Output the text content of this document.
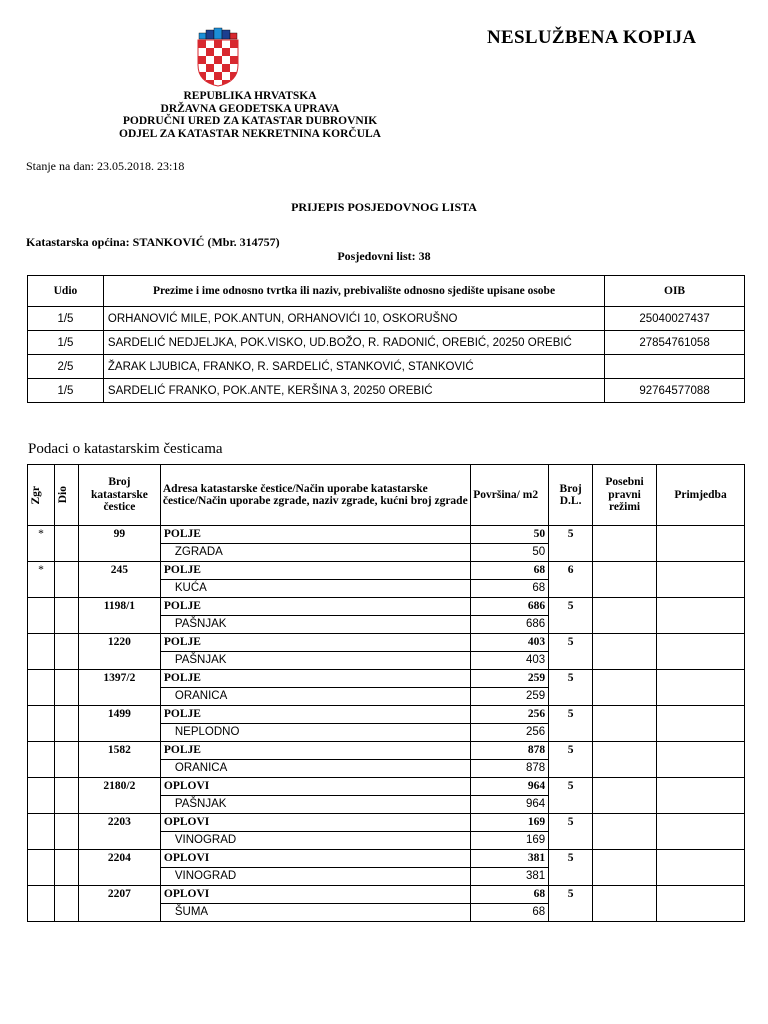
NESLUŽBENA KOPIJA
REPUBLIKA HRVATSKA
DRŽAVNA GEODETSKA UPRAVA
PODRUČNI URED ZA KATASTAR DUBROVNIK
ODJEL ZA KATASTAR NEKRETNINA KORČULA
Stanje na dan: 23.05.2018. 23:18
PRIJEPIS POSJEDOVNOG LISTA
Katastarska općina: STANKOVIĆ (Mbr. 314757)
Posjedovni list: 38
Udio	Prezime i ime odnosno tvrtka ili naziv, prebivalište odnosno sjedište upisane osobe	OIB
1/5	ORHANOVIĆ MILE, POK.ANTUN, ORHANOVIĆI 10, OSKORUŠNO	25040027437
1/5	SARDELIĆ NEDJELJKA, POK.VISKO, UD.BOŽO, R. RADONIĆ, OREBIĆ, 20250 OREBIĆ	27854761058
2/5	ŽARAK LJUBICA, FRANKO, R. SARDELIĆ, STANKOVIĆ, STANKOVIĆ	
1/5	SARDELIĆ FRANKO, POK.ANTE, KERŠINA 3, 20250 OREBIĆ	92764577088
Podaci o katastarskim česticama
Zgr	Dio	Broj katastarske čestice	Adresa katastarske čestice/Način uporabe katastarske čestice/Način uporabe zgrade, naziv zgrade, kućni broj zgrade	Površina/ m2	Broj D.L.	Posebni pravni režimi	Primjedba
*		99	POLJE	50	5		
			ZGRADA	50			
*		245	POLJE	68	6		
			KUĆA	68			
		1198/1	POLJE	686	5		
			PAŠNJAK	686			
		1220	POLJE	403	5		
			PAŠNJAK	403			
		1397/2	POLJE	259	5		
			ORANICA	259			
		1499	POLJE	256	5		
			NEPLODNO	256			
		1582	POLJE	878	5		
			ORANICA	878			
		2180/2	OPLOVI	964	5		
			PAŠNJAK	964			
		2203	OPLOVI	169	5		
			VINOGRAD	169			
		2204	OPLOVI	381	5		
			VINOGRAD	381			
		2207	OPLOVI	68	5		
			ŠUMA	68			
